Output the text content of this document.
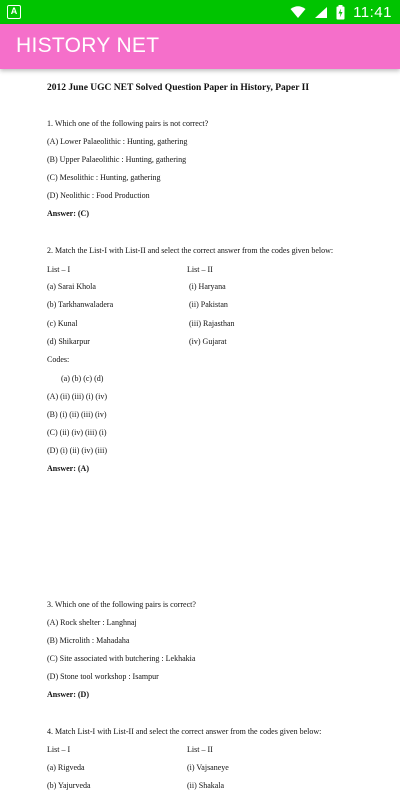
A	11:41
HISTORY NET
2012 June UGC NET Solved Question Paper in History, Paper II
1. Which one of the following pairs is not correct?
(A) Lower Palaeolithic : Hunting, gathering
(B) Upper Palaeolithic : Hunting, gathering
(C) Mesolithic : Hunting, gathering
(D) Neolithic : Food Production
Answer: (C)
2. Match the List-I with List-II and select the correct answer from the codes given below:
List – I	List – II
(a) Sarai Khola	(i) Haryana
(b) Tarkhanwaladera	(ii) Pakistan
(c) Kunal	(iii) Rajasthan
(d) Shikarpur	(iv) Gujarat
Codes:
(a) (b) (c) (d)
(A) (ii) (iii) (i) (iv)
(B) (i) (ii) (iii) (iv)
(C) (ii) (iv) (iii) (i)
(D) (i) (ii) (iv) (iii)
Answer: (A)
3. Which one of the following pairs is correct?
(A) Rock shelter : Langhnaj
(B) Microlith : Mahadaha
(C) Site associated with butchering : Lekhakia
(D) Stone tool workshop : Isampur
Answer: (D)
4. Match List-I with List-II and select the correct answer from the codes given below:
List – I	List – II
(a) Rigveda	(i) Vajsaneye
(b) Yajurveda	(ii) Shakala
